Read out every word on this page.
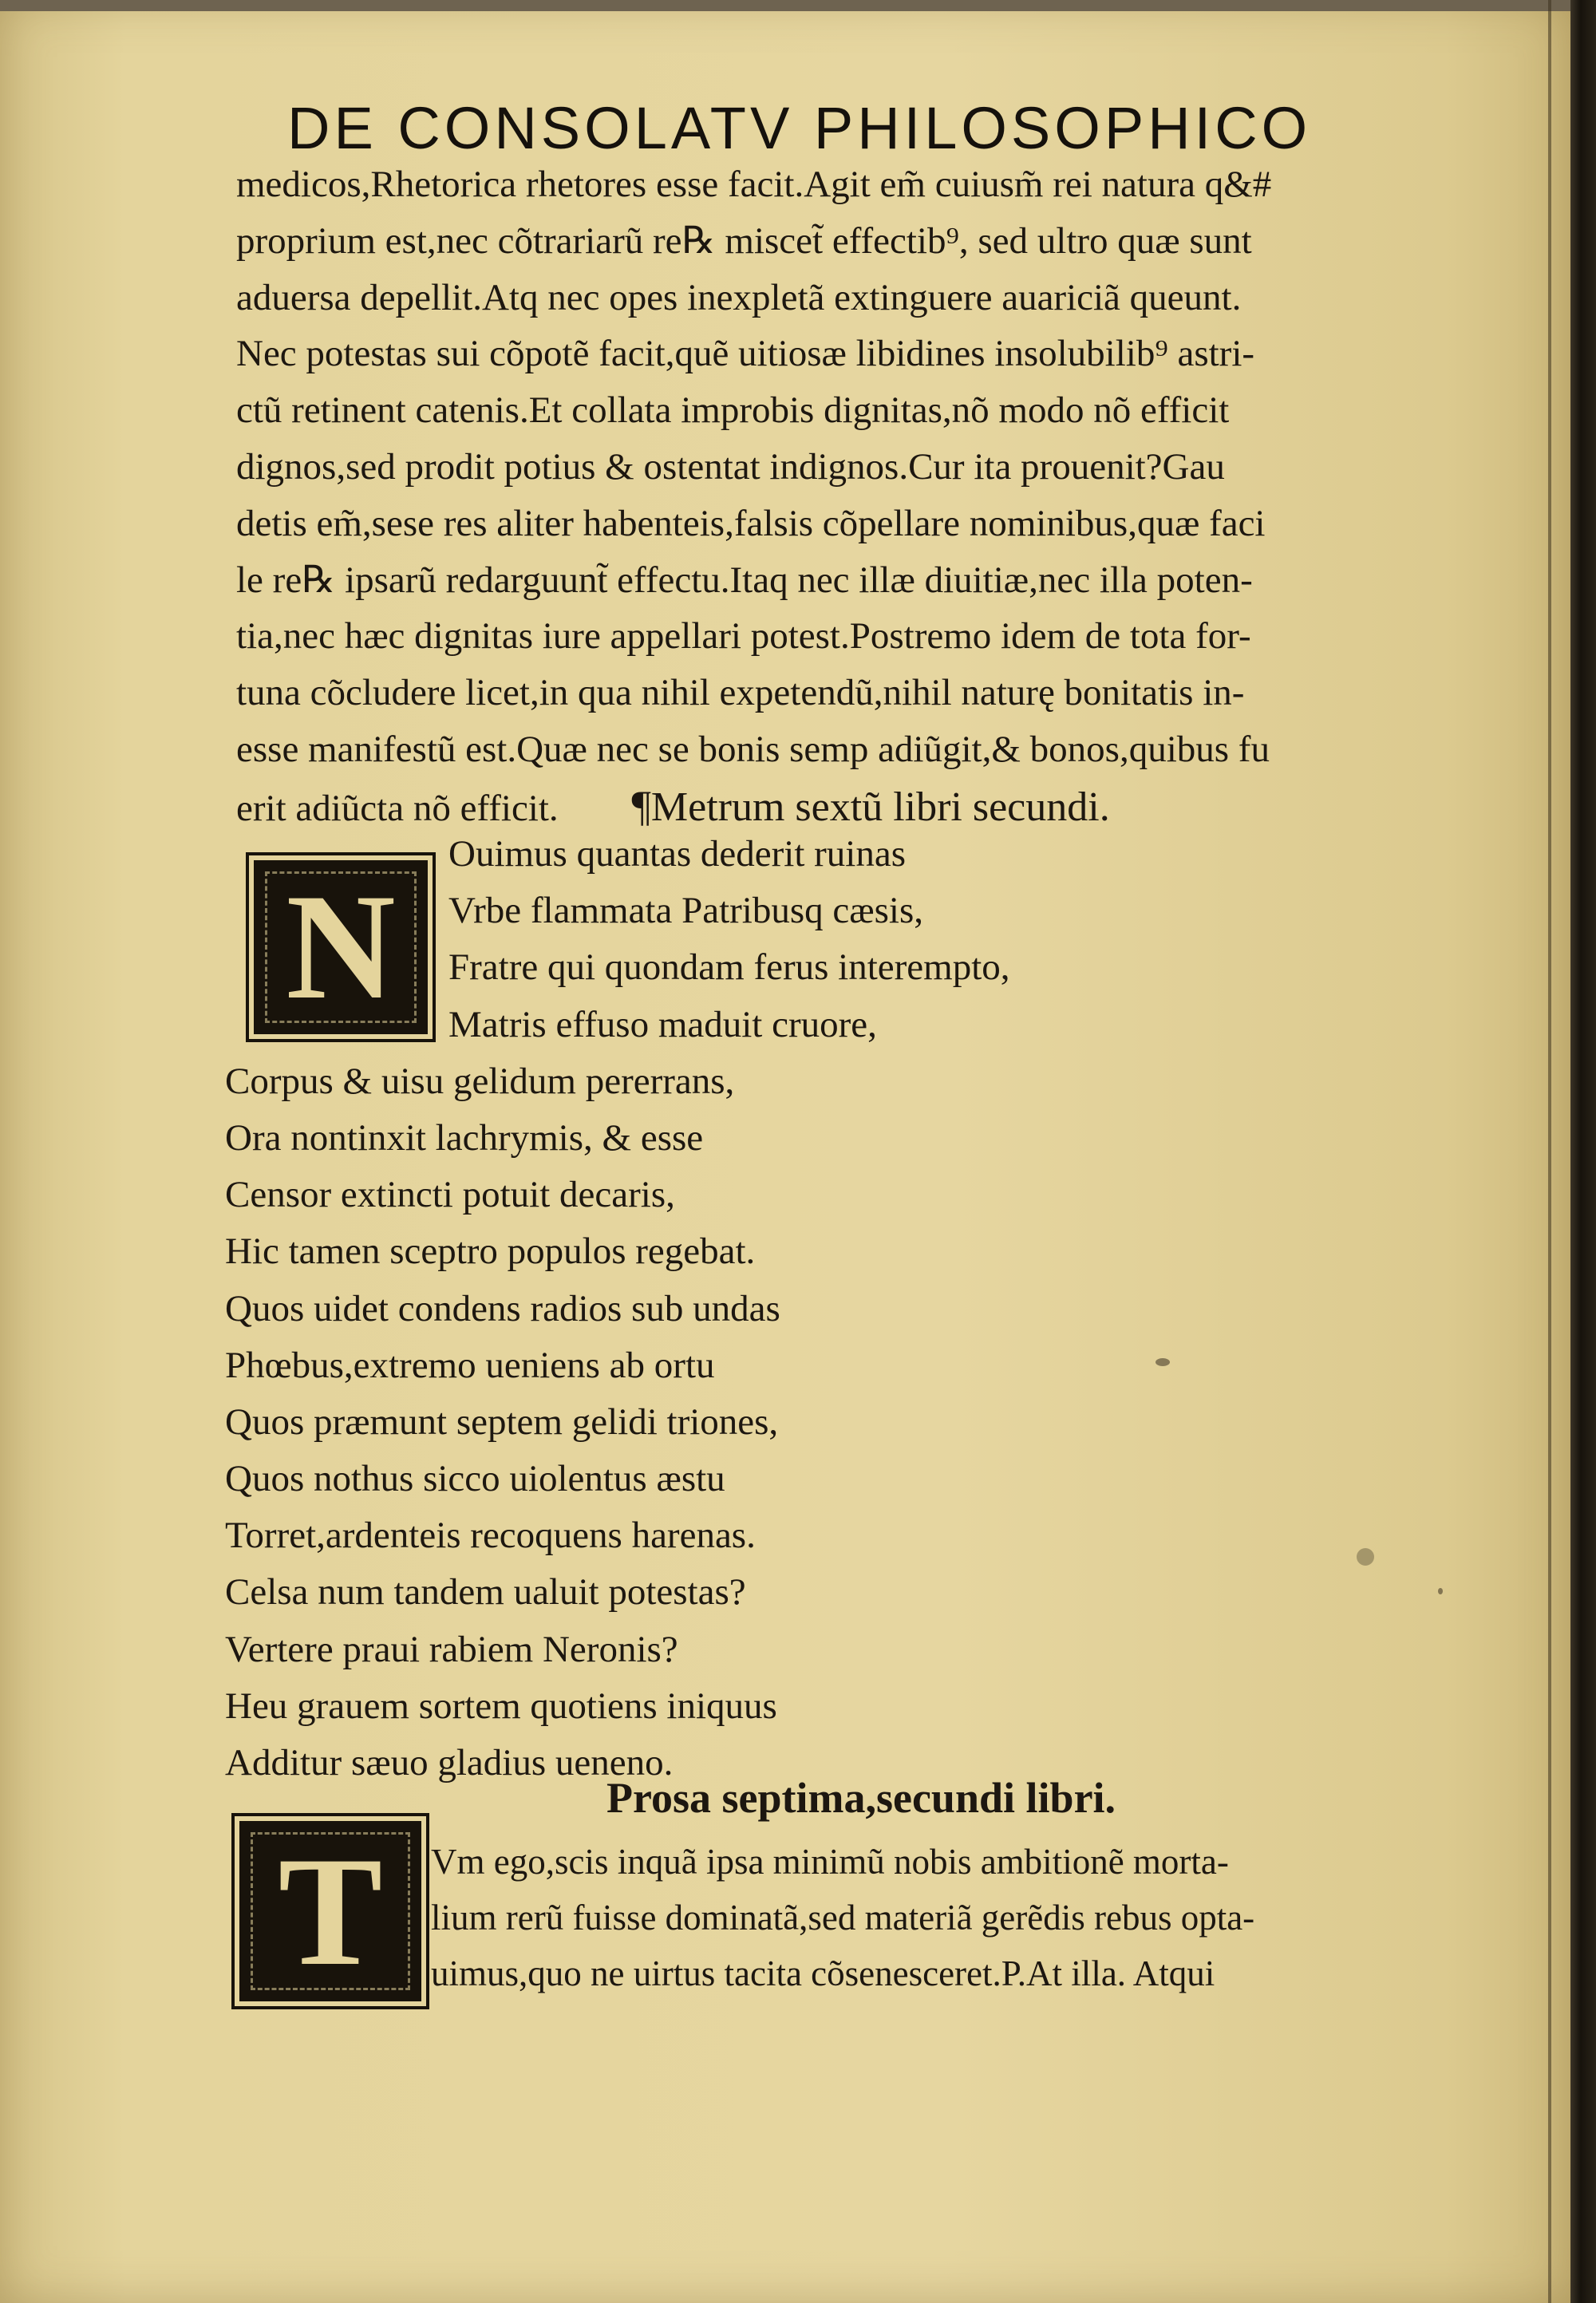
DE CONSOLATV PHILOSOPHICO
medicos,Rhetorica rhetores esse facit.Agit em̃ cuiusm̃ rei natura q&#
proprium est,nec cõtrariarũ re℞ miscet̃ effectib⁹, sed ultro quæ sunt
aduersa depellit.Atq nec opes inexpletã extinguere auariciã queunt.
Nec potestas sui cõpotẽ facit,quẽ uitiosæ libidines insolubilib⁹ astri-
ctũ retinent catenis.Et collata improbis dignitas,nõ modo nõ efficit
dignos,sed prodit potius & ostentat indignos.Cur ita prouenit?Gau
detis em̃,sese res aliter habenteis,falsis cõpellare nominibus,quæ faci
le re℞ ipsarũ redarguunt̃ effectu.Itaq nec illæ diuitiæ,nec illa poten-
tia,nec hæc dignitas iure appellari potest.Postremo idem de tota for-
tuna cõcludere licet,in qua nihil expetendũ,nihil naturę bonitatis in-
esse manifestũ est.Quæ nec se bonis semp adiũgit,& bonos,quibus fu
erit adiũcta nõ efficit. ¶Metrum sextũ libri secundi.
N
Ouimus quantas dederit ruinas
Vrbe flammata Patribusq cæsis,
Fratre qui quondam ferus interempto,
Matris effuso maduit cruore,
Corpus & uisu gelidum pererrans,
Ora nontinxit lachrymis, & esse
Censor extincti potuit decaris,
Hic tamen sceptro populos regebat.
Quos uidet condens radios sub undas
Phœbus,extremo ueniens ab ortu
Quos præmunt septem gelidi triones,
Quos nothus sicco uiolentus æstu
Torret,ardenteis recoquens harenas.
Celsa num tandem ualuit potestas?
Vertere praui rabiem Neronis?
Heu grauem sortem quotiens iniquus
Additur sæuo gladius ueneno.
Prosa septima,secundi libri.
T Vm ego,scis inquã ipsa minimũ nobis ambitionẽ morta-
lium rerũ fuisse dominatã,sed materiã gerẽdis rebus opta-
uimus,quo ne uirtus tacita cõsenesceret.P.At illa. Atqui
